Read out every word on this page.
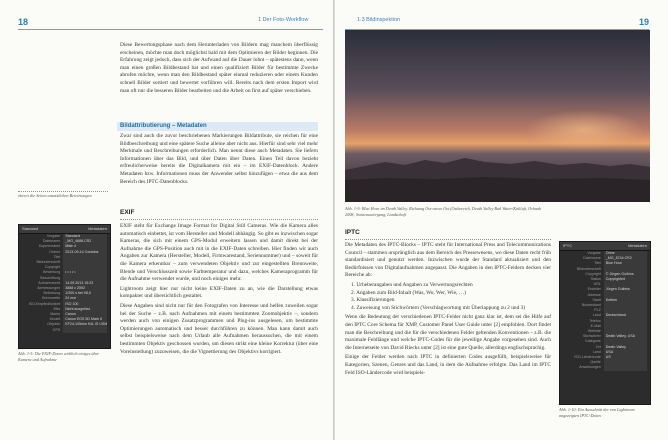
18	1 Der Foto-Workflow

Diese Bewertungsphase nach dem Herunterladen von Bildern mag manchem überflüssig erscheinen, möchte man doch möglichst bald mit dem Optimieren der Bilder beginnen. Die Erfahrung zeigt jedoch, dass sich der Aufwand auf die Dauer lohnt – spätestens dann, wenn man einen großen Bildbestand hat und einen qualifiziert Bilder für bestimmte Zwecke abrufen möchte, wenn man den Bildbestand später einmal reduzieren oder einem Kunden schnell Bilder sortiert und bewertet vorführen will. Bereits nach dem ersten Import wird man oft nur die besseren Bilder bearbeiten und die Arbeit on first auf später verschieben.

Bildattributierung – Metadaten

Zwar sind auch die zuvor beschriebenen Markierungen Bildattribute, sie reichen für eine Bildbeschreibung und eine spätere Suche alleine aber nicht aus. Hierfür sind sehr viel mehr Merkmale und Beschreibungen erforderlich. Man nennt diese auch Metadaten. Sie liefern Informationen über das Bild, und über Daten über Daten. Einen Teil davon bezieht erfreulicherweise bereits die Digitalkamera mit ein – im EXIF-Datenblock. Andere Metadaten bzw. Informationen muss der Anwender selbst hinzufügen – etwa die aus dem Bereich des IPTC-Datenblocks.

oberes die Seiten ansatzlichen Bewertungen
EXIF

EXIF steht für Exchange Image Format for Digital Still Cameras. Wie die Kamera alles automatisch einbettet, ist vom Hersteller und Modell abhängig. So gibt es inzwischen sogar Kameras, die sich mit einem GPS-Modul erweitern lassen und damit direkt bei der Aufnahme die GPS-Position auch mit in die EXIF-Daten schreiben. Hier finden wir auch Angaben zur Kamera (Hersteller, Modell, Firmwarestand, Seriennummer) und – soweit für die Kamera erkennbar – zum verwendeten Objektiv und zur eingestellten Brennweite, Blende und Verschlusszeit sowie Farbtemperatur und dazu, welches Kameraprogramm für die Aufnahme verwendet wurde, und noch einiges mehr.

Lightroom zeigt hier nur nicht keine EXIF-Daten zu an, wie die Darstellung etwas kompakter und übersichtlich gestaltet.

Diese Angaben sind nicht nur für den Fotografen von Interesse und helfen zuweilen sogar bei der Suche – z.B. nach Aufnahmen mit einem bestimmten Zoomobjektiv –, sondern werden auch von einigen Zusatzprogrammen und Plug-ins ausgelesen, um bestimmte Optimierungen automatisch und besser durchführen zu können. Man kann damit auch selbst beispielsweise nach dem Urlaub alle Aufnahmen heraussuchen, die mit einem bestimmten Objektiv geschossen wurden, um diesen strikt eine kleine Korrektur (über eine Voreinstellung) zuzuweisen, die die Vignettierung des Objektivs korrigiert.

Standard	Metadaten
Vorgabe	Standard
Dateiname	_MG_4688.CR2
Kopieername	Mitte 4
Ordner	2013-09-14 Cordoba
Titel
Bildunterschrift
Copyright
Bewertung	• • • • •
Beschriftung
Aufnahmezeit	14.09.2013 15:23
Abmessungen	3888 x 2592
Belichtung	1/200 s bei f/8,0
Brennweite	24 mm
ISO-Empfindlichkeit	ISO 100
Blitz	Nicht ausgelöst
Marke	Canon
Modell	Canon EOS 5D Mark II
Objektiv	EF24-105mm f/4L IS USM
GPS
Abb. 1-5: Die EXIF-Daten wirklich einiges über Kamera und Aufnahme
1.3 Bildinspektion	19
Abb. 1-9: Blue Hour im Death Valley. Richtung Ost-ostwo Ost (Ostbereich, Death Valley Bad Water/Kaltluft, Orbaub 2008; Sonnenuntergang, Landschaft
IPTC

Die Metadaten des IPTC-Blocks – IPTC steht für International Press and Telecommunications Council – stammen ursprünglich aus dem Bereich des Pressewesens, wo diese Daten recht früh standardisiert und genutzt werden. Inzwischen wurde der Standard aktualisiert und den Bedürfnissen von Digitalaufnahmen angepasst. Die Angaben in den IPTC-Feldern decken vier Bereiche ab:

1. Urheberangaben und Angaben zu Verwertungsrechten
2. Angaben zum Bild-Inhalt (Was, Wo, Wer, Wie, …)
3. Klassifizierungen
4. Zuweisung von Stichwörtern (Verschlagwortung mit Überlappung zu 2 und 3)

Wenn die Bedeutung der verschiedenen IPTC-Felder nicht ganz klar ist, dem sei die Hilfe auf den IPTC Core Schema für XMP, Customer Panel User Guide unter [2] empfohlen. Dort findet man die Beschreibung und die für die verschiedenen Felder geltenden Konventionen – z.B. die maximale Feldlänge und welche IPTC-Codes für die jeweilige Angabe vorgesehen sind. Auch die Internetseite von David Riecks unter [2] ist eine gute Quelle, allerdings englischsprachig.

Einige der Felder werden nach IPTC in definierten Codes ausgefüllt, beispielsweise für Kategorien, Szenen, Genres und das Land, in dem die Aufnahme erfolgte. Das Land im IPTC Feld ISO-Ländercode wird beispiels-

IPTC	Metadaten
Vorgabe	Ohne
Dateiname	_MG_8744.CR2
Titel	Blue Hour
Bildunterschrift
Copyright	© Jürgen Gulbins
Status	Copyrighted
URL
Ersteller	Jürgen Gulbins
Adresse
Stadt	Keltern
Bundesland
PLZ
Land	Deutschland
Telefon
E-Mail
Website
Stichwörter	Death Valley, USA
Kategorie
Ort	Death Valley
Land	USA
ISO-Ländercode	US
Quelle
Anweisungen
Abb. 1-10: Ein Ausschnitt der von Lightroom angezeigten IPTC-Daten
